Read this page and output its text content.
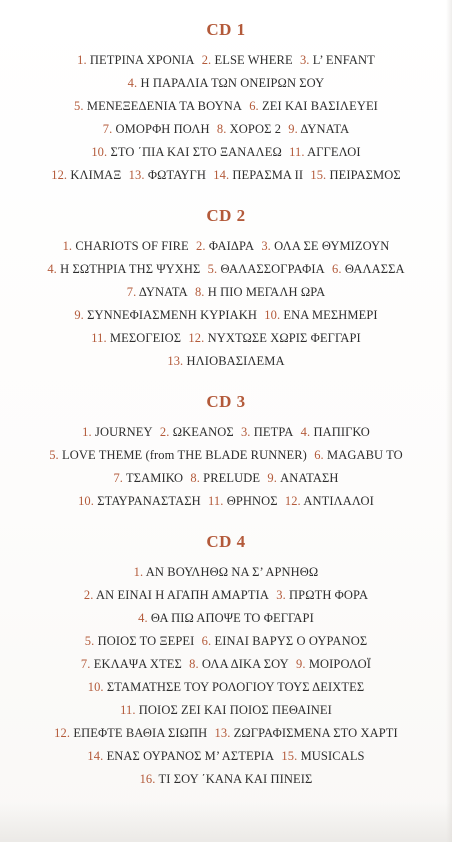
CD 1
1. ΠΕΤΡΙΝΑ ΧΡΟΝΙΑ 2. ELSE WHERE 3. L’ ENFANT
4. Η ΠΑΡΑΛΙΑ ΤΩΝ ΟΝΕΙΡΩΝ ΣΟΥ
5. ΜΕΝΕΞΕΔΕΝΙΑ ΤΑ ΒΟΥΝΑ 6. ΖΕΙ ΚΑΙ ΒΑΣΙΛΕΥΕΙ
7. ΟΜΟΡΦΗ ΠΟΛΗ 8. ΧΟΡΟΣ 2 9. ΔΥΝΑΤΑ
10. ΣΤΟ ΄ΠΙΑ ΚΑΙ ΣΤΟ ΞΑΝΑΛΕΩ 11. ΑΓΓΕΛΟΙ
12. ΚΛΙΜΑΞ 13. ΦΩΤΑΥΓΗ 14. ΠΕΡΑΣΜΑ ΙΙ 15. ΠΕΙΡΑΣΜΟΣ
CD 2
1. CHARIOTS OF FIRE 2. ΦΑΙΔΡΑ 3. ΟΛΑ ΣΕ ΘΥΜΙΖΟΥΝ
4. Η ΣΩΤΗΡΙΑ ΤΗΣ ΨΥΧΗΣ 5. ΘΑΛΑΣΣΟΓΡΑΦΙΑ 6. ΘΑΛΑΣΣΑ
7. ΔΥΝΑΤΑ 8. Η ΠΙΟ ΜΕΓΑΛΗ ΩΡΑ
9. ΣΥΝΝΕΦΙΑΣΜΕΝΗ ΚΥΡΙΑΚΗ 10. ΕΝΑ ΜΕΣΗΜΕΡΙ
11. ΜΕΣΟΓΕΙΟΣ 12. ΝΥΧΤΩΣΕ ΧΩΡΙΣ ΦΕΓΓΑΡΙ
13. ΗΛΙΟΒΑΣΙΛΕΜΑ
CD 3
1. JOURNEY 2. ΩΚΕΑΝΟΣ 3. ΠΕΤΡΑ 4. ΠΑΠΙΓΚΟ
5. LOVE THEME (from THE BLADE RUNNER) 6. MAGABU TO
7. ΤΣΑΜΙΚΟ 8. PRELUDE 9. ΑΝΑΤΑΣΗ
10. ΣΤΑΥΡΑΝΑΣΤΑΣΗ 11. ΘΡΗΝΟΣ 12. ΑΝΤΙΛΑΛΟΙ
CD 4
1. ΑΝ ΒΟΥΛΗΘΩ ΝΑ Σ’ ΑΡΝΗΘΩ
2. ΑΝ ΕΙΝΑΙ Η ΑΓΑΠΗ ΑΜΑΡΤΙΑ 3. ΠΡΩΤΗ ΦΟΡΑ
4. ΘΑ ΠΙΩ ΑΠΟΨΕ ΤΟ ΦΕΓΓΑΡΙ
5. ΠΟΙΟΣ ΤΟ ΞΕΡΕΙ 6. ΕΙΝΑΙ ΒΑΡΥΣ Ο ΟΥΡΑΝΟΣ
7. ΕΚΛΑΨΑ ΧΤΕΣ 8. ΟΛΑ ΔΙΚΑ ΣΟΥ 9. ΜΟΙΡΟΛΟΪ
10. ΣΤΑΜΑΤΗΣΕ ΤΟΥ ΡΟΛΟΓΙΟΥ ΤΟΥΣ ΔΕΙΧΤΕΣ
11. ΠΟΙΟΣ ΖΕΙ ΚΑΙ ΠΟΙΟΣ ΠΕΘΑΙΝΕΙ
12. ΕΠΕΦΤΕ ΒΑΘΙΑ ΣΙΩΠΗ 13. ΖΩΓΡΑΦΙΣΜΕΝΑ ΣΤΟ ΧΑΡΤΙ
14. ΕΝΑΣ ΟΥΡΑΝΟΣ Μ’ ΑΣΤΕΡΙΑ 15. MUSICALS
16. ΤΙ ΣΟΥ ΄ΚΑΝΑ ΚΑΙ ΠΙΝΕΙΣ
